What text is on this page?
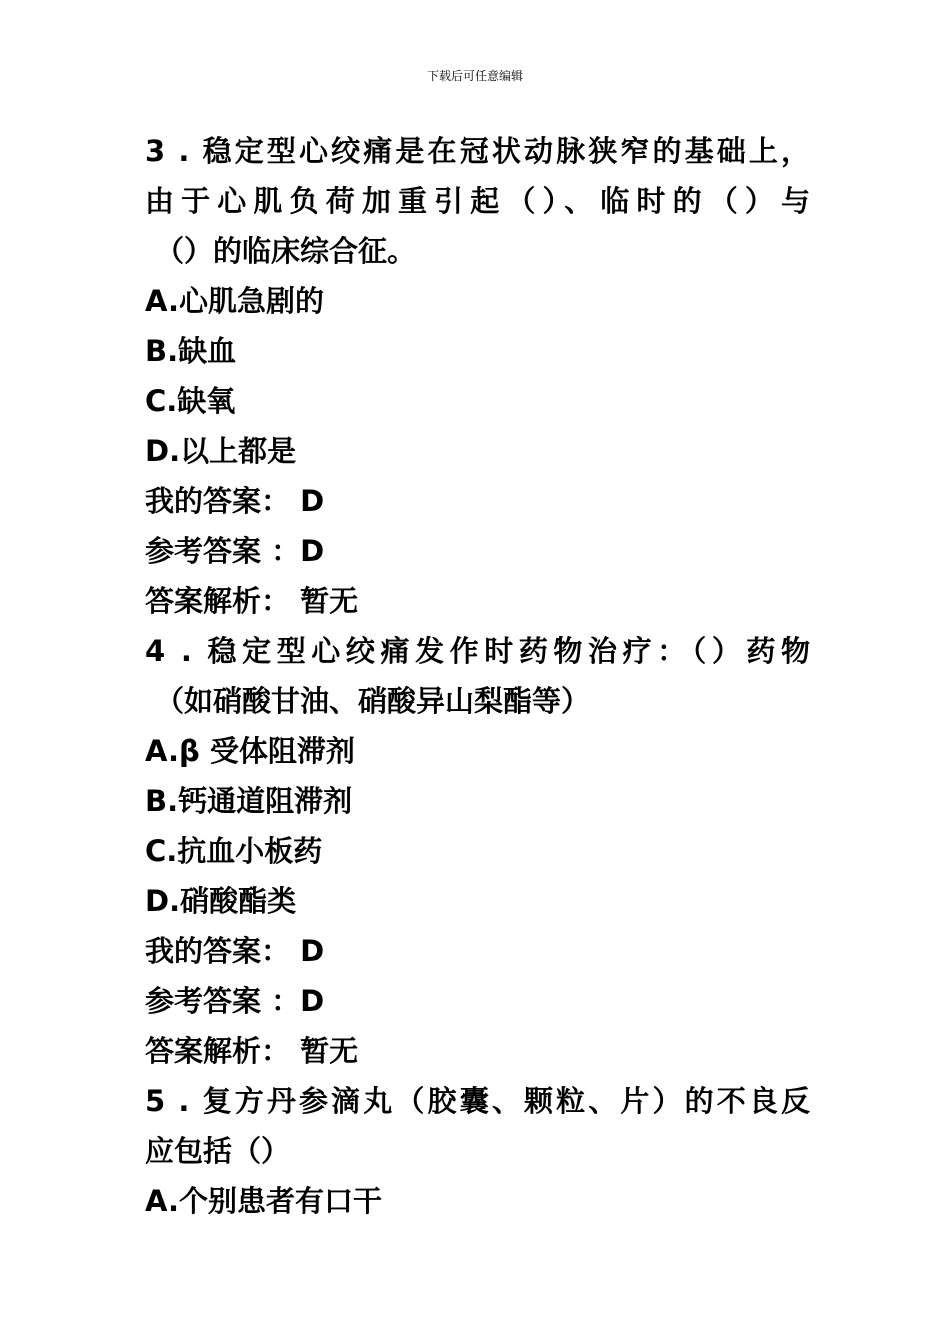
下载后可任意编辑
3 . 稳定型心绞痛是在冠状动脉狭窄的基础上，
由于心肌负荷加重引起（）、临时的（）与
（）的临床综合征。
A.心肌急剧的
B.缺血
C.缺氧
D.以上都是
我的答案： D
参考答案 ：D
答案解析： 暂无
4 . 稳定型心绞痛发作时药物治疗：（）药物
（如硝酸甘油、硝酸异山梨酯等）
A.β 受体阻滞剂
B.钙通道阻滞剂
C.抗血小板药
D.硝酸酯类
我的答案： D
参考答案 ：D
答案解析： 暂无
5 . 复方丹参滴丸（胶囊、颗粒、片）的不良反
应包括（）
A.个别患者有口干
